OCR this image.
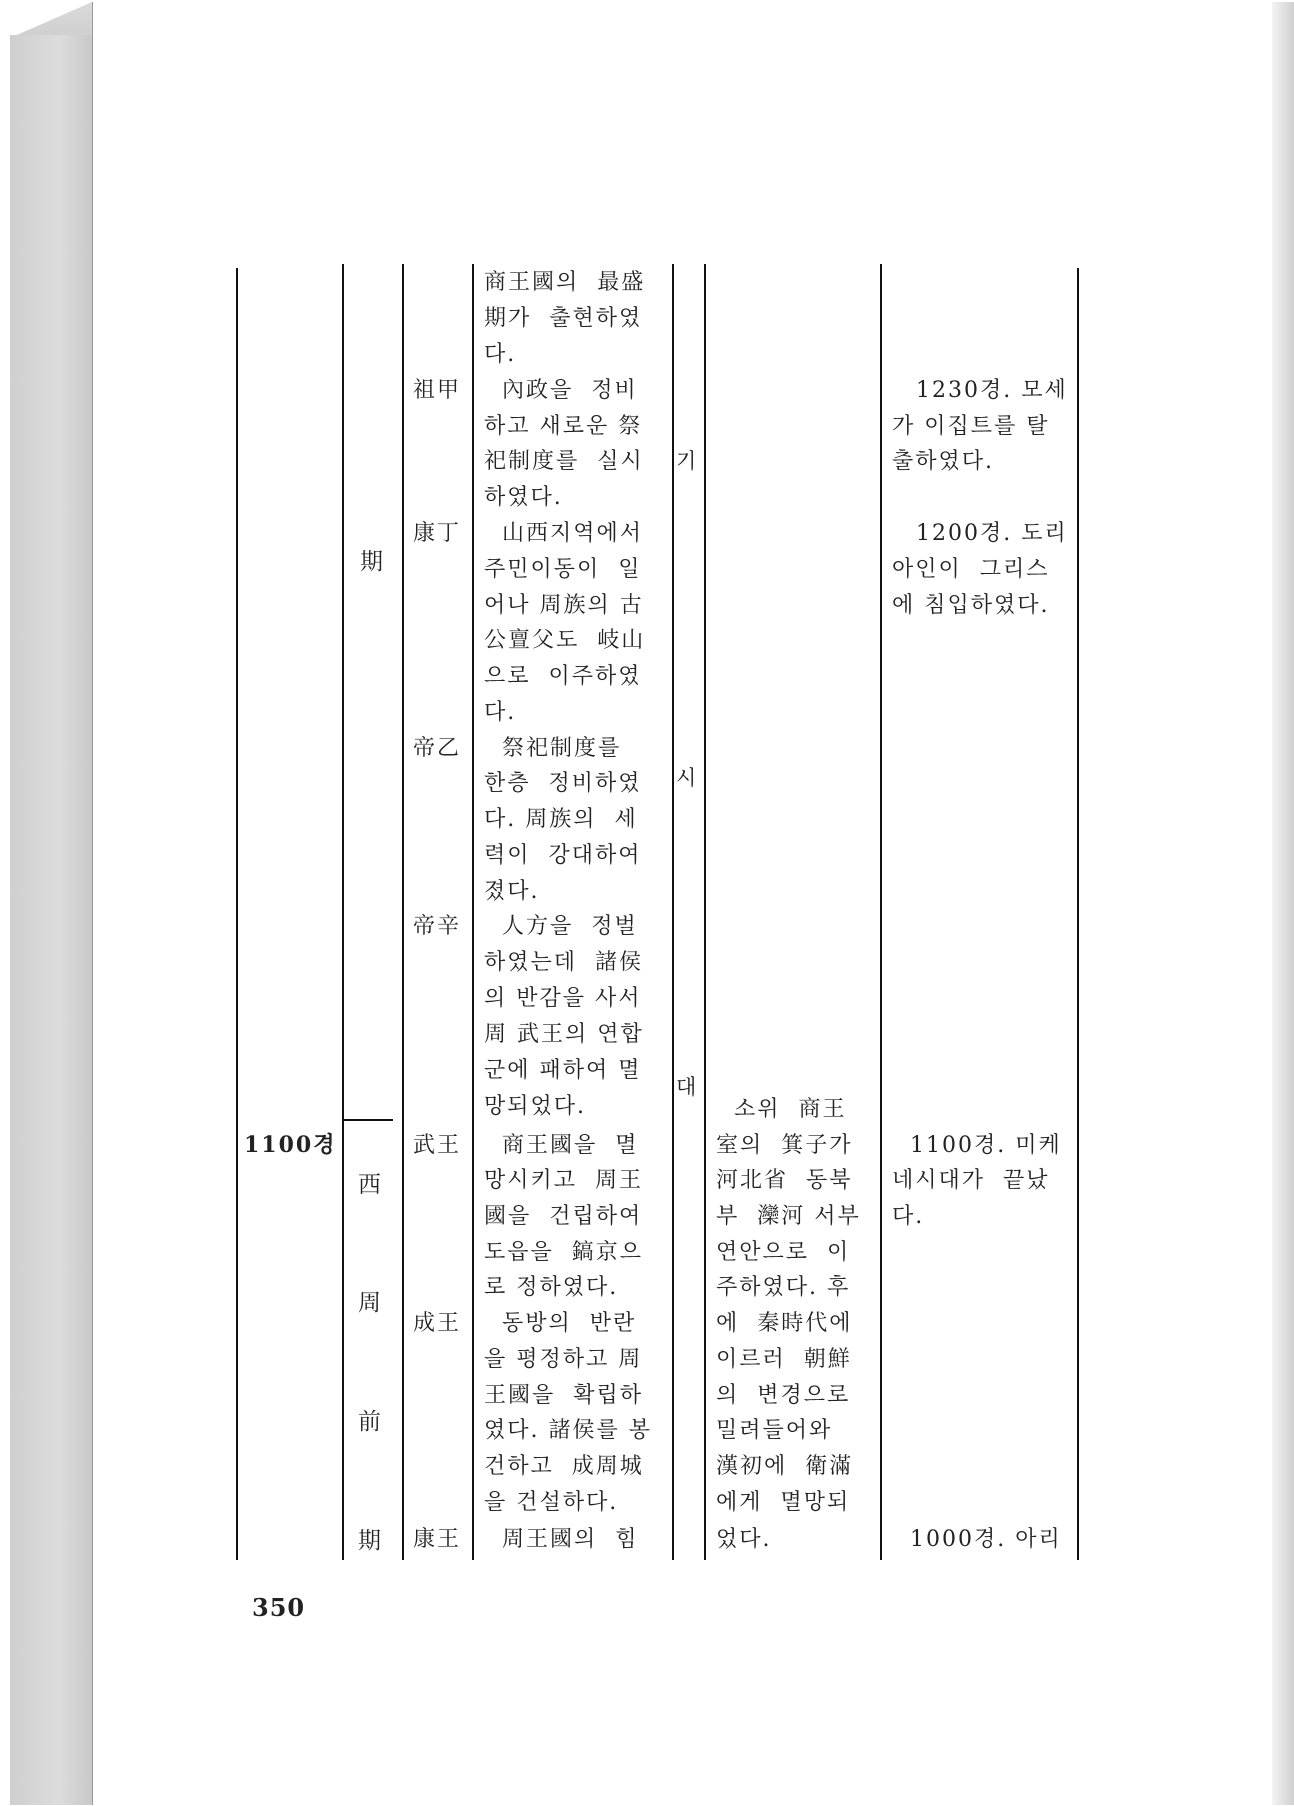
1100경
期
西
周
前
期
祖甲
康丁
帝乙
帝辛
武王
成王
康王
商王國의  最盛
期가  출현하였
다.
內政을  정비
하고 새로운 祭
祀制度를  실시
하였다.
山西지역에서
주민이동이  일
어나 周族의 古
公亶父도  岐山
으로  이주하였
다.
祭祀制度를
한층  정비하였
다. 周族의  세
력이  강대하여
졌다.
人方을  정벌
하였는데  諸侯
의 반감을 사서
周 武王의 연합
군에 패하여 멸
망되었다.
商王國을  멸
망시키고  周王
國을  건립하여
도읍을  鎬京으
로 정하였다.
동방의  반란
을 평정하고 周
王國을  확립하
였다. 諸侯를 봉
건하고  成周城
을 건설하다.
周王國의  힘
기
시
대
소위  商王
室의  箕子가
河北省  동북
부  灤河 서부
연안으로  이
주하였다. 후
에  秦時代에
이르러  朝鮮
의  변경으로
밀려들어와
漢初에  衛滿
에게  멸망되
었다.
1230경. 모세
가 이집트를 탈
출하였다.
1200경. 도리
아인이  그리스
에 침입하였다.
1100경. 미케
네시대가  끝났
다.
1000경. 아리
350
